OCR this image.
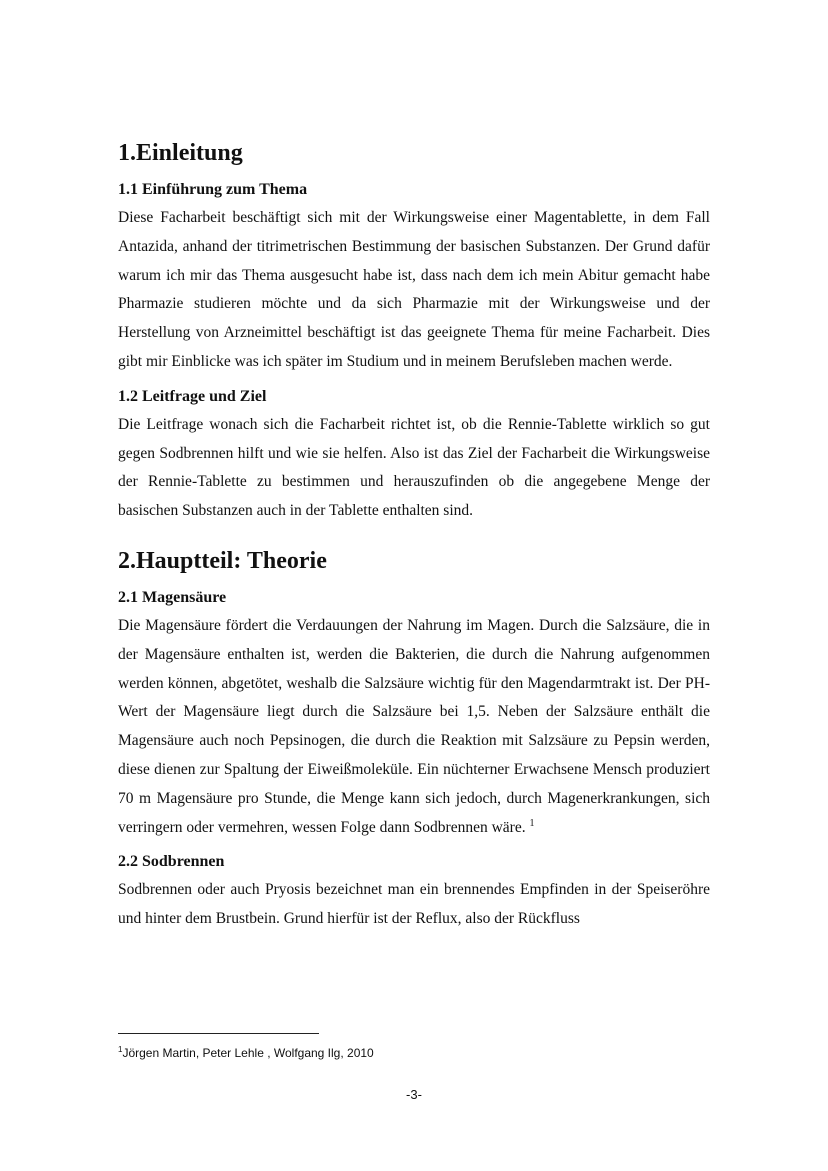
1.Einleitung
1.1 Einführung zum Thema

Diese Facharbeit beschäftigt sich mit der Wirkungsweise einer Magentablette, in dem Fall Antazida, anhand der titrimetrischen Bestimmung der basischen Substanzen. Der Grund dafür warum ich mir das Thema ausgesucht habe ist, dass nach dem ich mein Abitur gemacht habe Pharmazie studieren möchte und da sich Pharmazie mit der Wirkungsweise und der Herstellung von Arzneimittel beschäftigt ist das geeignete Thema für meine Facharbeit. Dies gibt mir Einblicke was ich später im Studium und in meinem Berufsleben machen werde.

1.2 Leitfrage und Ziel

Die Leitfrage wonach sich die Facharbeit richtet ist, ob die Rennie-Tablette wirklich so gut gegen Sodbrennen hilft und wie sie helfen. Also ist das Ziel der Facharbeit die Wirkungsweise der Rennie-Tablette zu bestimmen und herauszufinden ob die angegebene Menge der basischen Substanzen auch in der Tablette enthalten sind.

2.Hauptteil: Theorie
2.1 Magensäure

Die Magensäure fördert die Verdauungen der Nahrung im Magen. Durch die Salzsäure, die in der Magensäure enthalten ist, werden die Bakterien, die durch die Nahrung aufgenommen werden können, abgetötet, weshalb die Salzsäure wichtig für den Magendarmtrakt ist. Der PH-Wert der Magensäure liegt durch die Salzsäure bei 1,5. Neben der Salzsäure enthält die Magensäure auch noch Pepsinogen, die durch die Reaktion mit Salzsäure zu Pepsin werden, diese dienen zur Spaltung der Eiweißmoleküle. Ein nüchterner Erwachsene Mensch produziert 70 m Magensäure pro Stunde, die Menge kann sich jedoch, durch Magenerkrankungen, sich verringern oder vermehren, wessen Folge dann Sodbrennen wäre. $^1$

2.2 Sodbrennen

Sodbrennen oder auch Pryosis bezeichnet man ein brennendes Empfinden in der Speiseröhre und hinter dem Brustbein. Grund hierfür ist der Reflux, also der Rückfluss

$^1$Jörgen Martin, Peter Lehle , Wolfgang Ilg, 2010
-3-
